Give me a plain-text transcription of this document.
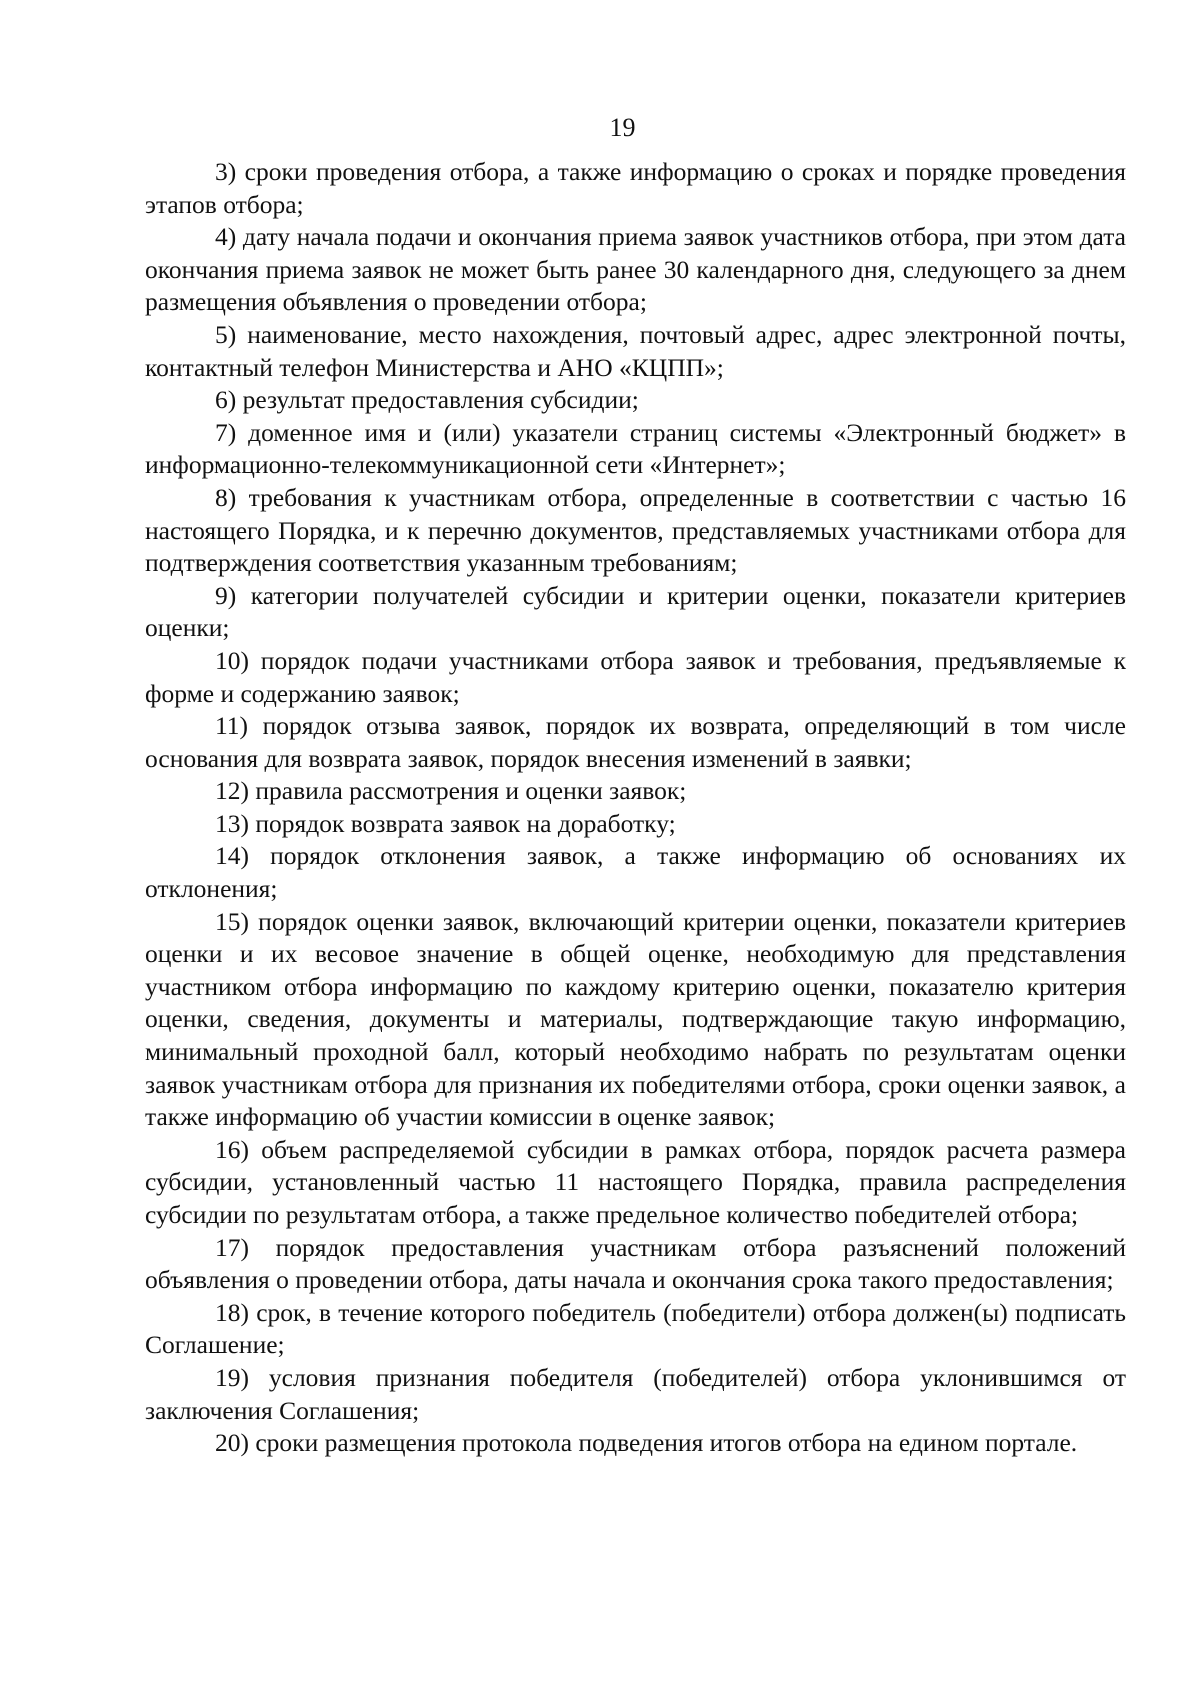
19

3) сроки проведения отбора, а также информацию о сроках и порядке проведения этапов отбора;

4) дату начала подачи и окончания приема заявок участников отбора, при этом дата окончания приема заявок не может быть ранее 30 календарного дня, следующего за днем размещения объявления о проведении отбора;

5) наименование, место нахождения, почтовый адрес, адрес электронной почты, контактный телефон Министерства и АНО «КЦПП»;

6) результат предоставления субсидии;

7) доменное имя и (или) указатели страниц системы «Электронный бюджет» в информационно-телекоммуникационной сети «Интернет»;

8) требования к участникам отбора, определенные в соответствии с частью 16 настоящего Порядка, и к перечню документов, представляемых участниками отбора для подтверждения соответствия указанным требованиям;

9) категории получателей субсидии и критерии оценки, показатели критериев оценки;

10) порядок подачи участниками отбора заявок и требования, предъявляемые к форме и содержанию заявок;

11) порядок отзыва заявок, порядок их возврата, определяющий в том числе основания для возврата заявок, порядок внесения изменений в заявки;

12) правила рассмотрения и оценки заявок;

13) порядок возврата заявок на доработку;

14) порядок отклонения заявок, а также информацию об основаниях их отклонения;

15) порядок оценки заявок, включающий критерии оценки, показатели критериев оценки и их весовое значение в общей оценке, необходимую для представления участником отбора информацию по каждому критерию оценки, показателю критерия оценки, сведения, документы и материалы, подтверждающие такую информацию, минимальный проходной балл, который необходимо набрать по результатам оценки заявок участникам отбора для признания их победителями отбора, сроки оценки заявок, а также информацию об участии комиссии в оценке заявок;

16) объем распределяемой субсидии в рамках отбора, порядок расчета размера субсидии, установленный частью 11 настоящего Порядка, правила распределения субсидии по результатам отбора, а также предельное количество победителей отбора;

17) порядок предоставления участникам отбора разъяснений положений объявления о проведении отбора, даты начала и окончания срока такого предоставления;

18) срок, в течение которого победитель (победители) отбора должен(ы) подписать Соглашение;

19) условия признания победителя (победителей) отбора уклонившимся от заключения Соглашения;

20) сроки размещения протокола подведения итогов отбора на едином портале.
